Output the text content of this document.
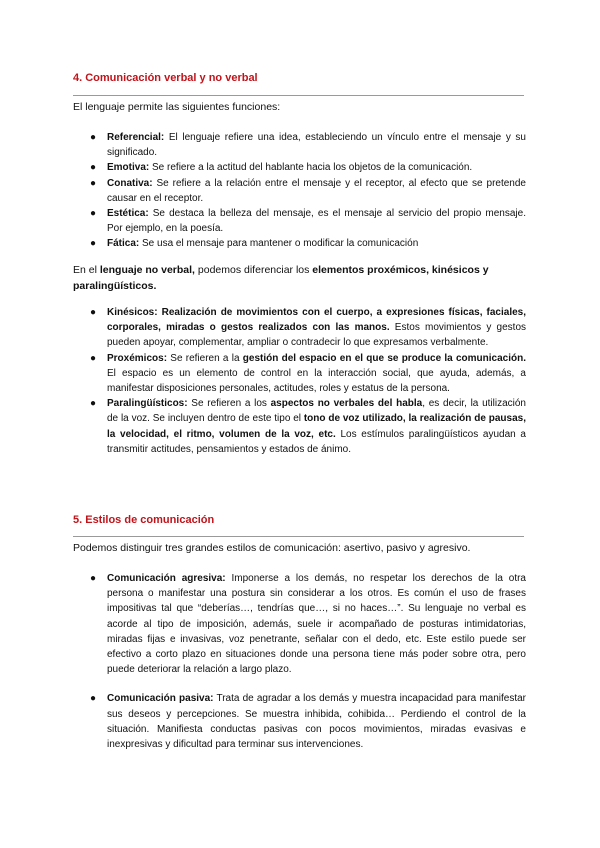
4. Comunicación verbal y no verbal
El lenguaje permite las siguientes funciones:
● Referencial: El lenguaje refiere una idea, estableciendo un vínculo entre el mensaje y su significado.
● Emotiva: Se refiere a la actitud del hablante hacia los objetos de la comunicación.
● Conativa: Se refiere a la relación entre el mensaje y el receptor, al efecto que se pretende causar en el receptor.
● Estética: Se destaca la belleza del mensaje, es el mensaje al servicio del propio mensaje. Por ejemplo, en la poesía.
● Fática: Se usa el mensaje para mantener o modificar la comunicación
En el lenguaje no verbal, podemos diferenciar los elementos proxémicos, kinésicos y paralingüísticos.
● Kinésicos: Realización de movimientos con el cuerpo, a expresiones físicas, faciales, corporales, miradas o gestos realizados con las manos. Estos movimientos y gestos pueden apoyar, complementar, ampliar o contradecir lo que expresamos verbalmente.
● Proxémicos: Se refieren a la gestión del espacio en el que se produce la comunicación. El espacio es un elemento de control en la interacción social, que ayuda, además, a manifestar disposiciones personales, actitudes, roles y estatus de la persona.
● Paralingüísticos: Se refieren a los aspectos no verbales del habla, es decir, la utilización de la voz. Se incluyen dentro de este tipo el tono de voz utilizado, la realización de pausas, la velocidad, el ritmo, volumen de la voz, etc. Los estímulos paralingüísticos ayudan a transmitir actitudes, pensamientos y estados de ánimo.
5. Estilos de comunicación
Podemos distinguir tres grandes estilos de comunicación: asertivo, pasivo y agresivo.
● Comunicación agresiva: Imponerse a los demás, no respetar los derechos de la otra persona o manifestar una postura sin considerar a los otros. Es común el uso de frases impositivas tal que “deberías…, tendrías que…, si no haces…”. Su lenguaje no verbal es acorde al tipo de imposición, además, suele ir acompañado de posturas intimidatorias, miradas fijas e invasivas, voz penetrante, señalar con el dedo, etc. Este estilo puede ser efectivo a corto plazo en situaciones donde una persona tiene más poder sobre otra, pero puede deteriorar la relación a largo plazo.
● Comunicación pasiva: Trata de agradar a los demás y muestra incapacidad para manifestar sus deseos y percepciones. Se muestra inhibida, cohibida… Perdiendo el control de la situación. Manifiesta conductas pasivas con pocos movimientos, miradas evasivas e inexpresivas y dificultad para terminar sus intervenciones.
